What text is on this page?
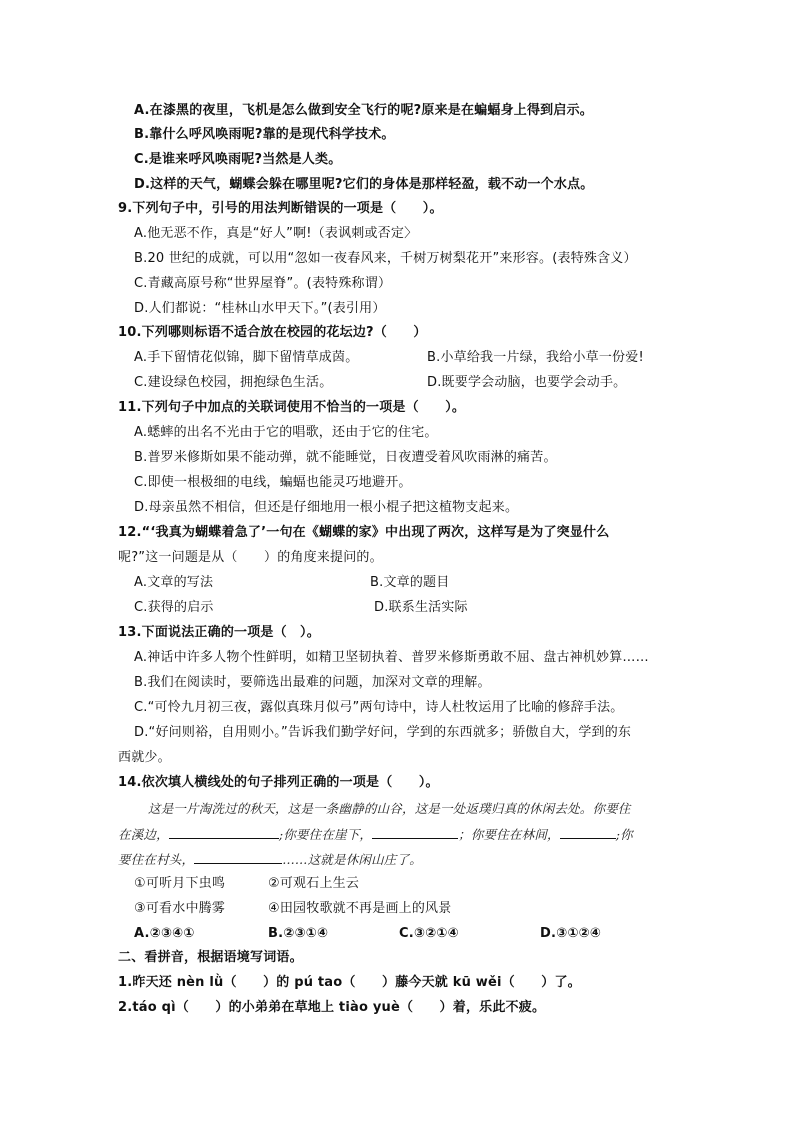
A.在漆黑的夜里，飞机是怎么做到安全飞行的呢?原来是在蝙蝠身上得到启示。
B.靠什么呼风唤雨呢?靠的是现代科学技术。
C.是谁来呼风唤雨呢?当然是人类。
D.这样的天气，蝴蝶会躲在哪里呢?它们的身体是那样轻盈，载不动一个水点。
9.下列句子中，引号的用法判断错误的一项是（　　）。
A.他无恶不作，真是“好人”啊!（表讽刺或否定〉
B.20 世纪的成就，可以用“忽如一夜春风来，千树万树梨花开”来形容。(表特殊含义）
C.青藏高原号称“世界屋脊”。(表特殊称谓）
D.人们都说：“桂林山水甲天下。”(表引用）
10.下列哪则标语不适合放在校园的花坛边?（　　）
A.手下留情花似锦，脚下留情草成茵。	B.小草给我一片绿，我给小草一份爱!
C.建设绿色校园，拥抱绿色生活。	D.既要学会动脑，也要学会动手。
11.下列句子中加点的关联词使用不恰当的一项是（　　）。
A.蟋蟀的出名不光由于它的唱歌，还由于它的住宅。
B.普罗米修斯如果不能动弹，就不能睡觉，日夜遭受着风吹雨淋的痛苦。
C.即使一根极细的电线，蝙蝠也能灵巧地避开。
D.母亲虽然不相信，但还是仔细地用一根小棍子把这植物支起来。
12.“‘我真为蝴蝶着急了’一句在《蝴蝶的家》中出现了两次，这样写是为了突显什么
呢?”这一问题是从（　　）的角度来提问的。
A.文章的写法	B.文章的题目
C.获得的启示	D.联系生活实际
13.下面说法正确的一项是（　）。
A.神话中许多人物个性鲜明，如精卫坚韧执着、普罗米修斯勇敢不屈、盘古神机妙算……
B.我们在阅读时，要筛选出最难的问题，加深对文章的理解。
C.“可怜九月初三夜，露似真珠月似弓”两句诗中，诗人杜牧运用了比喻的修辞手法。
D.“好问则裕，自用则小。”告诉我们勤学好问，学到的东西就多；骄傲自大，学到的东
西就少。
14.依次填人横线处的句子排列正确的一项是（　　）。
这是一片淘洗过的秋天，这是一条幽静的山谷，这是一处返璞归真的休闲去处。你要住
在溪边，	;你要住在崖下，	；你要住在林间，	;你
要住在村头，	……这就是休闲山庄了。
①可听月下虫鸣	②可观石上生云
③可看水中腾雾	④田园牧歌就不再是画上的风景
A.②③④①	B.②③①④	C.③②①④	D.③①②④
二、看拼音，根据语境写词语。
1.昨天还 nèn lǜ（　　）的 pú tao（　　）藤今天就 kū wěi（　　）了。
2.táo qì（　　）的小弟弟在草地上 tiào yuè（　　）着，乐此不疲。
